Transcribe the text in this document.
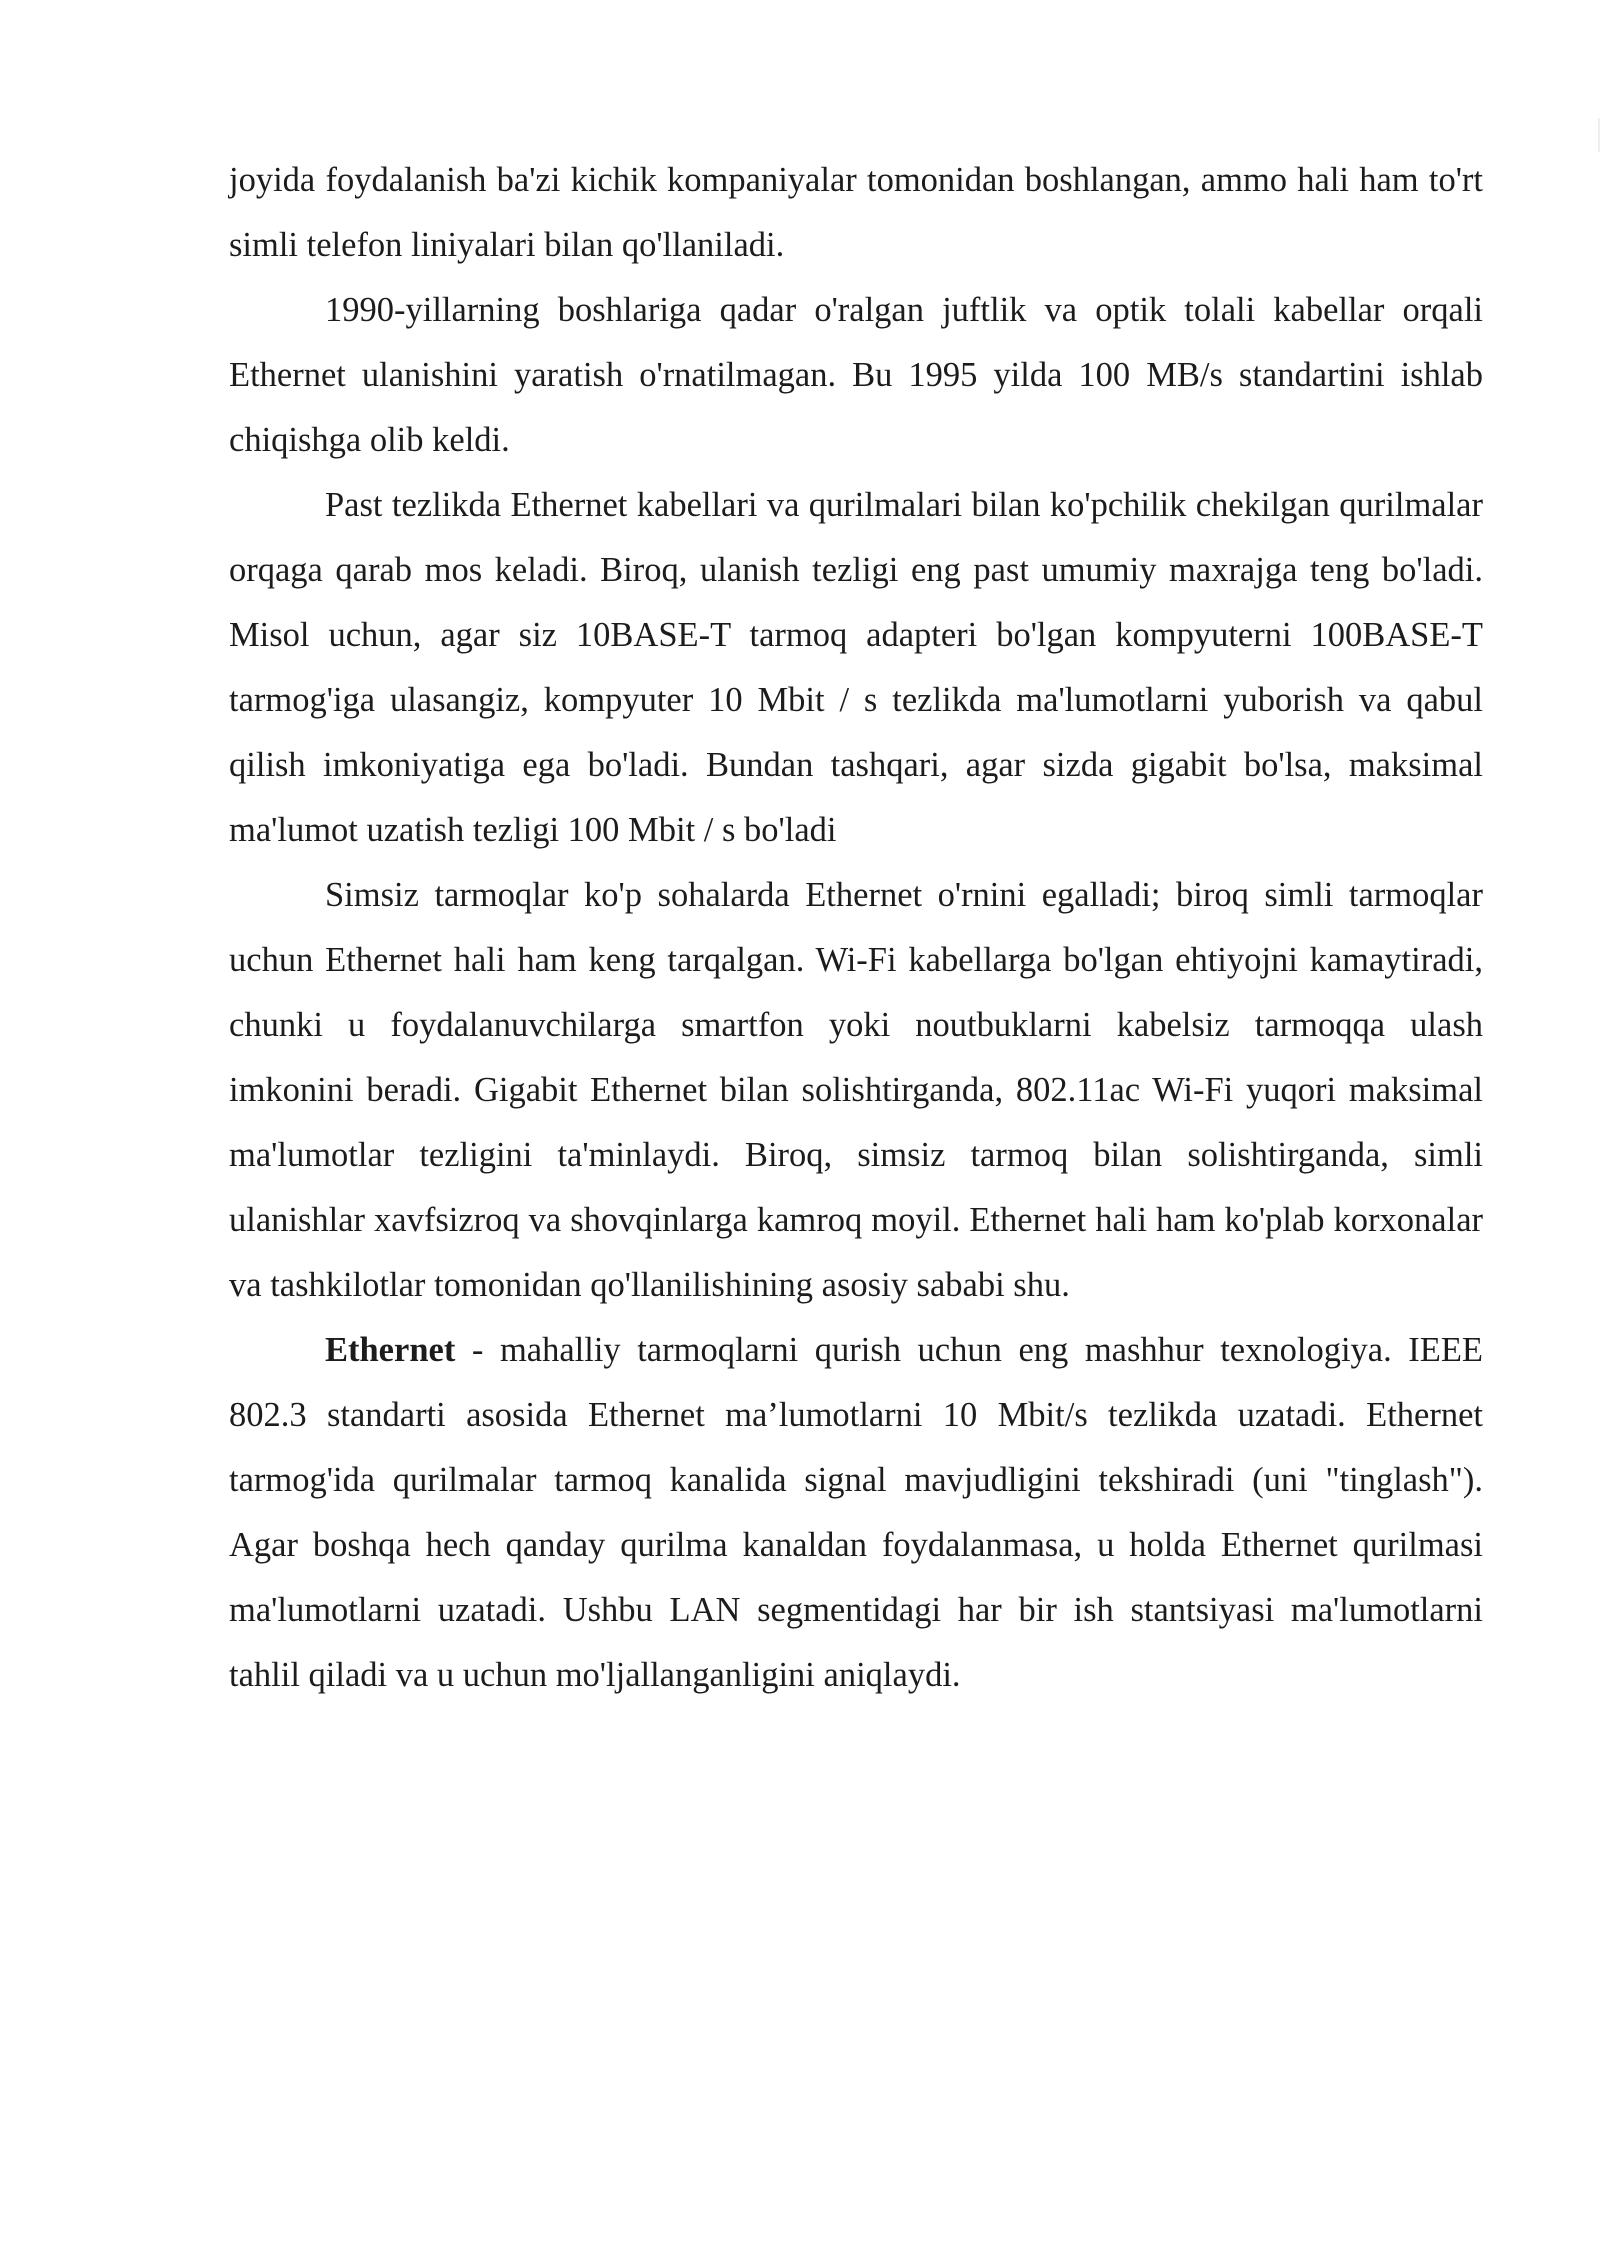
joyida foydalanish ba'zi kichik kompaniyalar tomonidan boshlangan, ammo hali ham to'rt simli telefon liniyalari bilan qo'llaniladi.

1990-yillarning boshlariga qadar o'ralgan juftlik va optik tolali kabellar orqali Ethernet ulanishini yaratish o'rnatilmagan. Bu 1995 yilda 100 MB/s standartini ishlab chiqishga olib keldi.

Past tezlikda Ethernet kabellari va qurilmalari bilan ko'pchilik chekilgan qurilmalar orqaga qarab mos keladi. Biroq, ulanish tezligi eng past umumiy maxrajga teng bo'ladi. Misol uchun, agar siz 10BASE-T tarmoq adapteri bo'lgan kompyuterni 100BASE-T tarmog'iga ulasangiz, kompyuter 10 Mbit / s tezlikda ma'lumotlarni yuborish va qabul qilish imkoniyatiga ega bo'ladi. Bundan tashqari, agar sizda gigabit bo'lsa, maksimal ma'lumot uzatish tezligi 100 Mbit / s bo'ladi

Simsiz tarmoqlar ko'p sohalarda Ethernet o'rnini egalladi; biroq simli tarmoqlar uchun Ethernet hali ham keng tarqalgan. Wi-Fi kabellarga bo'lgan ehtiyojni kamaytiradi, chunki u foydalanuvchilarga smartfon yoki noutbuklarni kabelsiz tarmoqqa ulash imkonini beradi. Gigabit Ethernet bilan solishtirganda, 802.11ac Wi-Fi yuqori maksimal ma'lumotlar tezligini ta'minlaydi. Biroq, simsiz tarmoq bilan solishtirganda, simli ulanishlar xavfsizroq va shovqinlarga kamroq moyil. Ethernet hali ham ko'plab korxonalar va tashkilotlar tomonidan qo'llanilishining asosiy sababi shu.

Ethernet - mahalliy tarmoqlarni qurish uchun eng mashhur texnologiya. IEEE 802.3 standarti asosida Ethernet ma’lumotlarni 10 Mbit/s tezlikda uzatadi. Ethernet tarmog'ida qurilmalar tarmoq kanalida signal mavjudligini tekshiradi (uni "tinglash"). Agar boshqa hech qanday qurilma kanaldan foydalanmasa, u holda Ethernet qurilmasi ma'lumotlarni uzatadi. Ushbu LAN segmentidagi har bir ish stantsiyasi ma'lumotlarni tahlil qiladi va u uchun mo'ljallanganligini aniqlaydi.
